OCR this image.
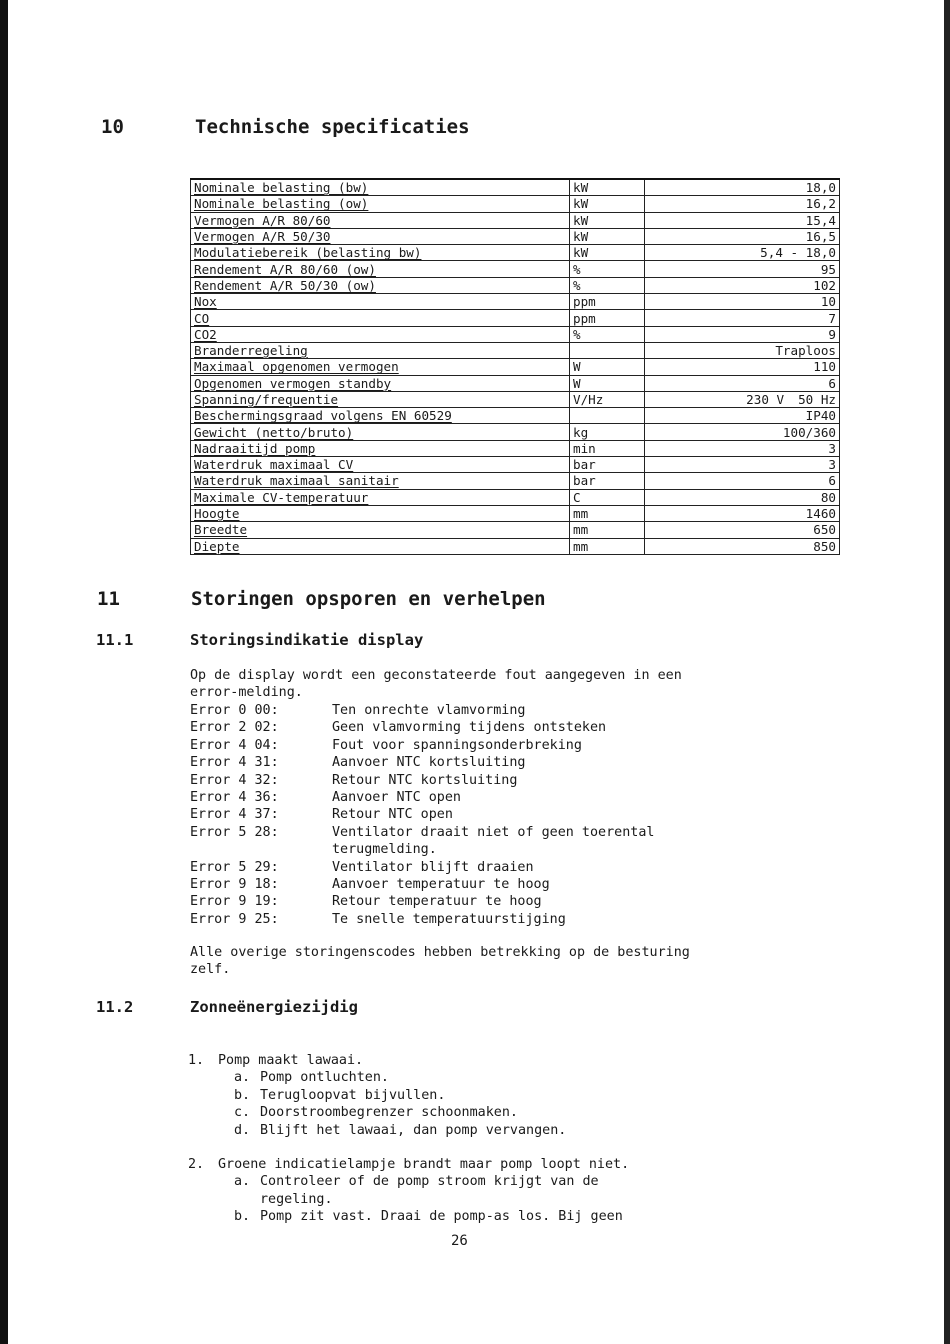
10	Technische specificaties
Nominale belasting (bw)	kW	18,0
Nominale belasting (ow)	kW	16,2
Vermogen A/R 80/60	kW	15,4
Vermogen A/R 50/30	kW	16,5
Modulatiebereik (belasting bw)	kW	5,4 - 18,0
Rendement A/R 80/60 (ow)	%	95
Rendement A/R 50/30 (ow)	%	102
Nox	ppm	10
CO	ppm	7
CO2	%	9
Branderregeling		Traploos
Maximaal opgenomen vermogen	W	110
Opgenomen vermogen standby	W	6
Spanning/frequentie	V/Hz	230 V 50 Hz
Beschermingsgraad volgens EN 60529		IP40
Gewicht (netto/bruto)	kg	100/360
Nadraaitijd pomp	min	3
Waterdruk maximaal CV	bar	3
Waterdruk maximaal sanitair	bar	6
Maximale CV-temperatuur	C	80
Hoogte	mm	1460
Breedte	mm	650
Diepte	mm	850
11	Storingen opsporen en verhelpen
11.1	Storingsindikatie display

Op de display wordt een geconstateerde fout aangegeven in een
error-melding.

Error 0 00:	Ten onrechte vlamvorming
Error 2 02:	Geen vlamvorming tijdens ontsteken
Error 4 04:	Fout voor spanningsonderbreking
Error 4 31:	Aanvoer NTC kortsluiting
Error 4 32:	Retour NTC kortsluiting
Error 4 36:	Aanvoer NTC open
Error 4 37:	Retour NTC open
Error 5 28:	Ventilator draait niet of geen toerental
terugmelding.
Error 5 29:	Ventilator blijft draaien
Error 9 18:	Aanvoer temperatuur te hoog
Error 9 19:	Retour temperatuur te hoog
Error 9 25:	Te snelle temperatuurstijging

Alle overige storingenscodes hebben betrekking op de besturing
zelf.

11.2	Zonneënergiezijdig
1.	Pomp maakt lawaai.
a. Pomp ontluchten.
b. Terugloopvat bijvullen.
c. Doorstroombegrenzer schoonmaken.
d. Blijft het lawaai, dan pomp vervangen.
2.	Groene indicatielampje brandt maar pomp loopt niet.
a. Controleer of de pomp stroom krijgt van de
regeling.
b. Pomp zit vast. Draai de pomp-as los. Bij geen
26
